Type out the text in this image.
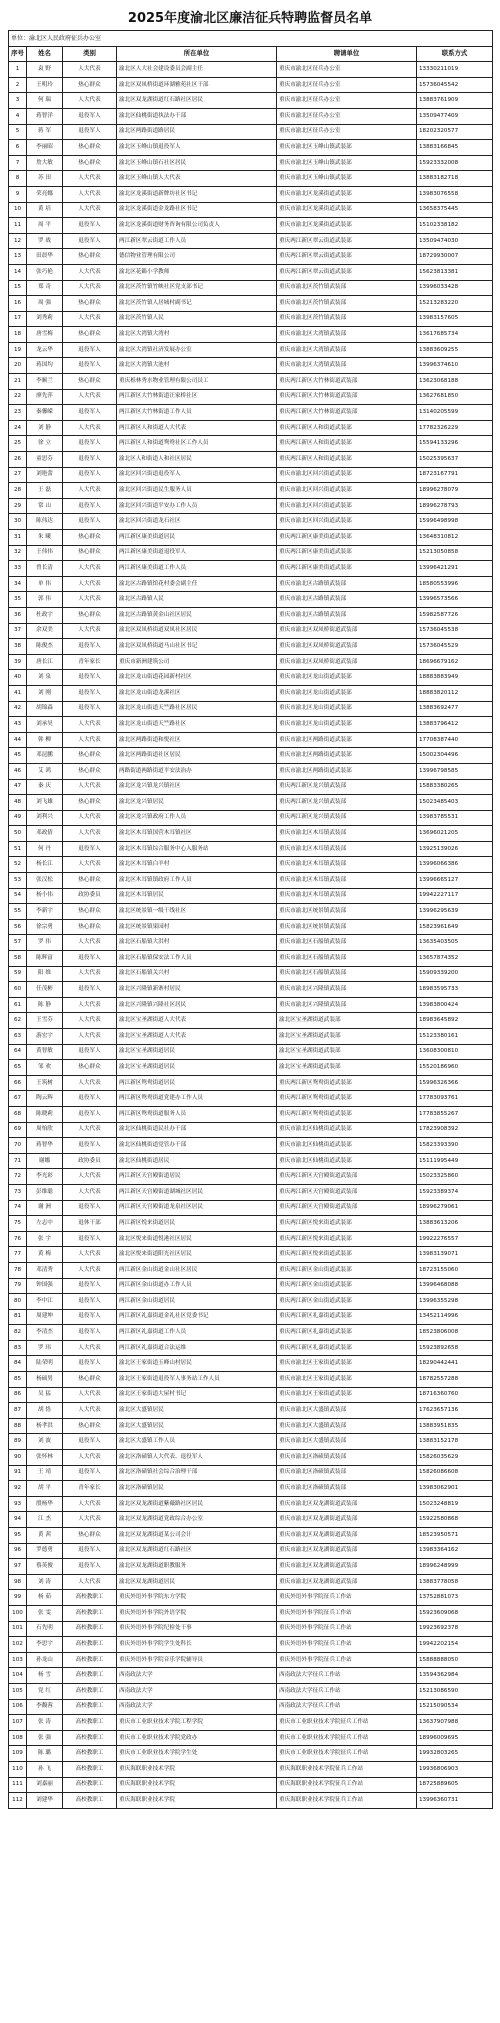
2025年度渝北区廉洁征兵特聘监督员名单
单位：渝北区人民政府征兵办公室					
序号	姓名	类别	所在单位	聘请单位	联系方式
1	袁 野	人大代表	渝北区人大社会建设委员会副主任	重庆市渝北区征兵办公室	13330211019
2	王明玲	热心群众	渝北区双凤桥街道环湖雅苑社区干部	重庆市渝北区征兵办公室	15736045542
3	何 瑞	人大代表	渝北区双龙湖街道红石路社区居民	重庆市渝北区征兵办公室	13883761909
4	蒋智洋	退役军人	渝北区仙桃街道执法办干部	重庆市渝北区征兵办公室	13509477409
5	蒋 军	退役军人	渝北区两路街道路居民	重庆市渝北区征兵办公室	18202320577
6	李丽昭	热心群众	渝北区玉峰山镇退役军人	重庆市渝北区玉峰山镇武装部	13883166845
7	詹大敏	热心群众	渝北区玉峰山镇石社区居民	重庆市渝北区玉峰山镇武装部	15923332008
8	苏 田	人大代表	渝北区玉峰山镇人大代表	重庆市渝北区玉峰山镇武装部	13883182718
9	荣亮娜	人大代表	渝北区龙溪街道新牌坊社区书记	重庆市渝北区龙溪街道武装部	13983076558
10	黄 培	人大代表	渝北区龙溪街道金龙路社区书记	重庆市渝北区龙溪街道武装部	13658375445
11	周 平	退役军人	渝北区龙溪街道财务咨询有限公司负责人	重庆市渝北区龙溪街道武装部	15102338182
12	罗 战	退役军人	两江新区翠云街道工作人员	重庆两江新区翠云街道武装部	13509474030
13	田晨华	热心群众	德信物业管理有限公司	重庆两江新区翠云街道武装部	18729930007
14	张巧艳	人大代表	渝北区花籁小学教师	重庆两江新区翠云街道武装部	15623813381
15	郑 奇	人大代表	渝北区茨竹镇竹峡社区党支部书记	重庆市渝北区茨竹镇武装部	13996033428
16	周 强	热心群众	渝北区茨竹镇人居城村副书记	重庆市渝北区茨竹镇武装部	15213283220
17	刘秀莉	人大代表	渝北区茨竹镇人民	重庆市渝北区茨竹镇武装部	13983157605
18	唐雪梅	热心群众	渝北区大湾镇大湾村	重庆市渝北区大湾镇武装部	13617685734
19	龙云华	退役军人	渝北区大湾镇社济发展办公室	重庆市渝北区大湾镇武装部	13883609255
20	蒋国均	退役军人	渝北区大湾镇大池村	重庆市渝北区大湾镇武装部	13996374610
21	李顺兰	热心群众	重庆栎林秀水物业管理有限公司员工	重庆两江新区大竹林街道武装部	13623068188
22	廖先萍	人大代表	两江新区大竹林街道汪家桥社区	重庆两江新区大竹林街道武装部	13627681850
23	秦馨嵘	退役军人	两江新区大竹林街道工作人员	重庆两江新区大竹林街道武装部	13140205599
24	刘 静	人大代表	两江新区人和街道人大代表	重庆两江新区人和街道武装部	17782326229
25	徐 立	退役军人	两江新区人和街道鸳鸯社区工作人员	重庆两江新区人和街道武装部	15594133296
26	童思芬	退役军人	渝北区人和街道人和社区居民	重庆两江新区人和街道武装部	15025395637
27	刘艳蕾	退役军人	渝北区回兴街道退役军人	重庆市渝北区回兴街道武装部	18723167791
28	王 磊	人大代表	渝北区回兴街道民生服务人员	重庆市渝北区回兴街道武装部	18996278079
29	常 山	退役军人	渝北区回兴街道平安办工作人员	重庆市渝北区回兴街道武装部	18996278793
30	陈伟达	退役军人	渝北区回兴街道龙石社区	重庆市渝北区回兴街道武装部	15996498998
31	朱 曦	热心群众	两江新区康美街道居民	重庆两江新区康美街道武装部	13648310812
32	王伟伟	热心群众	两江新区康美街道退役军人	重庆两江新区康美街道武装部	15213050858
33	曾长清	人大代表	两江新区康美街道工作人员	重庆两江新区康美街道武装部	13996421291
34	单 伟	人大代表	渝北区古路镇馆花村委会副主任	重庆市渝北区古路镇武装部	18580553996
35	郭 伟	人大代表	渝北区古路镇人民	重庆市渝北区古路镇武装部	13996573566
36	杜政宇	热心群众	渝北区古路镇黄金山社区居民	重庆市渝北区古路镇武装部	15982587726
37	余双美	人大代表	渝北区双凤桥街道双凤社区居民	重庆市渝北区双凤桥街道武装部	15736045538
38	陈俊杰	退役军人	渝北区双凤桥街道马山社区书记	重庆市渝北区双凤桥街道武装部	15736045529
39	唐长江	青年家长	重庆市新洲建筑公司	重庆市渝北区双凤桥街道武装部	18696679162
40	刘 泉	退役军人	渝北区龙山街道花园新村社区	重庆市渝北区龙山街道武装部	18883883949
41	刘 刚	退役军人	渝北区龙山街道龙溪社区	重庆市渝北区龙山街道武装部	18883820112
42	胡锦森	退役军人	渝北区龙山街道天竺路社区居民	重庆市渝北区龙山街道武装部	13883692477
43	刘承昊	人大代表	渝北区龙山街道天竺路社区	重庆市渝北区龙山街道武装部	13883796412
44	韩 柳	人大代表	渝北区两路街道和悦社区	重庆市渝北区两路街道武装部	17708387440
45	邓昆鹏	热心群众	渝北区两路街道社区居民	重庆市渝北区两路街道武装部	15002304496
46	艾 鸿	热心群众	两路街道两路街道平安法治办	重庆市渝北区两路街道武装部	13996798585
47	秦 庆	人大代表	渝北区龙兴镇龙兴镇社区	重庆两江新区龙兴镇武装部	15883380265
48	刘飞雄	热心群众	渝北区龙兴镇居民	重庆两江新区龙兴镇武装部	15023485403
49	刘利兴	人大代表	渝北区龙兴镇政府工作人员	重庆两江新区龙兴镇武装部	13983785531
50	邓政倩	人大代表	渝北区木耳镇国营木耳镇社区	重庆市渝北区木耳镇武装部	13696021205
51	何 丹	退役军人	渝北区木耳镇综合服务中心入服务站	重庆市渝北区木耳镇武装部	13925139026
52	杨长江	人大代表	渝北区木耳镇白羊村	重庆市渝北区木耳镇武装部	13996066386
53	张汉松	热心群众	渝北区木耳镇镇政府工作人员	重庆市渝北区木耳镇武装部	13996665127
54	杨小伟	政协委员	渝北区木耳镇居民	重庆市渝北区木耳镇武装部	19942227117
55	李新宇	热心群众	渝北区统景镇一级干线社区	重庆市渝北区统景镇武装部	13996295639
56	徐宗勇	热心群众	渝北区统景镇果园村	重庆市渝北区统景镇武装部	15823961649
57	罗 伟	人大代表	渝北区石船镇大洪村	重庆市渝北区石船镇武装部	13635403505
58	陈辉富	退役军人	渝北区石船镇保安法工作人员	重庆市渝北区石船镇武装部	13657874352
59	阳 维	人大代表	渝北区石船镇关兴村	重庆市渝北区石船镇武装部	15909339200
60	任茂彬	退役军人	渝北区兴隆镇新寨村居民	重庆市渝北区兴隆镇武装部	18983595733
61	陈 静	人大代表	渝北区兴隆镇兴隆社区居民	重庆市渝北区兴隆镇武装部	13983800424
62	王雪芬	人大代表	渝北区宝圣湖街道人大代表	渝北区宝圣湖街道武装部	18983645892
63	游宏宇	人大代表	渝北区宝圣湖街道人大代表	渝北区宝圣湖街道武装部	15123380161
64	黄智敏	退役军人	渝北区宝圣湖街道居民	渝北区宝圣湖街道武装部	13608300810
65	邹 欢	热心群众	渝北区宝圣湖街道居民	渝北区宝圣湖街道武装部	15520186960
66	王筑树	人大代表	两江新区鸳鸯街道居民	重庆两江新区鸳鸯街道武装部	15996326366
67	陶云辉	退役军人	两江新区鸳鸯街道党建办工作人员	重庆两江新区鸳鸯街道武装部	17783093761
68	陈晓莉	退役军人	两江新区鸳鸯街道服务人员	重庆两江新区鸳鸯街道武装部	17783855267
69	周怡欣	人大代表	渝北区仙桃街道民社办干部	重庆市渝北区仙桃街道武装部	17823908392
70	蒋智华	退役军人	渝北区仙桃街道党管办干部	重庆市渝北区仙桃街道武装部	15823393390
71	谢娜	政协委员	渝北区仙桃街道居民	重庆市渝北区仙桃街道武装部	15111995449
72	李光彩	人大代表	两江新区天宫殿街道居民	重庆两江新区天宫殿街道武装部	15023325860
73	彭维聪	人大代表	两江新区天宫殿街道湖城社区居民	重庆两江新区天宫殿街道武装部	15923389374
74	谢 洲	退役军人	两江新区天宫殿街道龙泉社区居民	重庆两江新区天宫殿街道武装部	18996279061
75	左志中	退休干部	两江新区悦来街道居民	重庆两江新区悦来街道武装部	13883613206
76	张 宇	退役军人	渝北区悦来街道悦港社区居民	重庆两江新区悦来街道武装部	19922276557
77	黄 梅	人大代表	渝北区悦来街道阳光社区居民	重庆两江新区悦来街道武装部	13983139071
78	邓清秀	人大代表	两江新区金山街道金山社区居民	重庆两江新区金山街道武装部	18723155060
79	钟国强	退役军人	两江新区金山街道办工作人员	重庆两江新区金山街道武装部	13996468088
80	李中江	退役军人	两江新区金山街道居民	重庆两江新区金山街道武装部	13996355298
81	周建坤	退役军人	两江新区礼嘉街道金礼社区党委书记	重庆两江新区礼嘉街道武装部	13452114996
82	李清杰	退役军人	两江新区礼嘉街道工作人员	重庆两江新区礼嘉街道武装部	18523806008
83	罗 玮	人大代表	两江新区礼嘉街道合法运维	重庆两江新区礼嘉街道武装部	15923892658
84	陆荣明	退役军人	渝北区王家街道玉峰山村居民	重庆市渝北区王家街道武装部	18290442441
85	杨硕男	热心群众	渝北区王家街道退役军人事务站工作人员	重庆市渝北区王家街道武装部	18782557288
86	吴 猛	人大代表	渝北区王家街道大屋村书记	重庆市渝北区王家街道武装部	18716360760
87	胡 恪	人大代表	渝北区大盛镇居民	重庆市渝北区大盛镇武装部	17623657136
88	杨孝洪	热心群众	渝北区大盛镇居民	重庆市渝北区大盛镇武装部	13883951835
89	刘 波	退役军人	渝北区大盛镇工作人员	重庆市渝北区大盛镇武装部	13883152178
90	张怀林	人大代表	渝北区洛碛镇人大代表、退役军人	重庆市渝北区洛碛镇武装部	15826035629
91	王 靖	退役军人	渝北区洛碛镇社会综合治理干部	重庆市渝北区洛碛镇武装部	15826086608
92	胡 平	青年家长	渝北区洛碛镇居民	重庆市渝北区洛碛镇武装部	13983062901
93	殷杨华	人大代表	渝北区双龙湖街道紫薇路社区居民	重庆市渝北区双龙湖街道武装部	15023248819
94	江 杰	人大代表	渝北区双龙湖街道党政综合办公室	重庆市渝北区双龙湖街道武装部	15922580868
95	黄 茜	热心群众	渝北区双龙湖街道某公司会计	重庆市渝北区双龙湖街道武装部	18523950571
96	罗德勇	退役军人	渝北区双龙湖街道红石路社区	重庆市渝北区双龙湖街道武装部	13983364162
97	蔡英俊	退役军人	渝北区双龙湖街道职教服务	重庆市渝北区双龙湖街道武装部	18996248999
98	刘 涛	人大代表	渝北区双龙湖街道居民	重庆市渝北区双龙湖街道武装部	13883778058
99	杨 茹	高校教职工	重庆外语外事学院东方学院	重庆外语外事学院征兵工作站	13752881073
100	张 雯	高校教职工	重庆外语外事学院外语学院	重庆外语外事学院征兵工作站	15923609068
101	石先明	高校教职工	重庆外语外事学院纪检处干事	重庆外语外事学院征兵工作站	19923692378
102	李思宇	高校教职工	重庆外语外事学院学生处科长	重庆外语外事学院征兵工作站	19942202154
103	孙龙山	高校教职工	重庆外语外事学院音乐学院辅导员	重庆外语外事学院征兵工作站	15888888050
104	杨 雪	高校教职工	西南政法大学	西南政法大学征兵工作站	13594362984
105	党 红	高校教职工	西南政法大学	西南政法大学征兵工作站	15213086590
106	李馥蓉	高校教职工	西南政法大学	西南政法大学征兵工作站	15215090534
107	张 涛	高校教职工	重庆市工业职业技术学院工程学院	重庆市工业职业技术学院征兵工作站	13637907988
108	张 强	高校教职工	重庆市工业职业技术学院党政办	重庆市工业职业技术学院征兵工作站	18996009695
109	陈 璐	高校教职工	重庆市工业职业技术学院学生处	重庆市工业职业技术学院征兵工作站	19932803265
110	孙 飞	高校教职工	重庆海联职业技术学院	重庆海联职业技术学院征兵工作站	19936806903
111	刘嘉丽	高校教职工	重庆海联职业技术学院	重庆海联职业技术学院征兵工作站	18725889605
112	刘建华	高校教职工	重庆海联职业技术学院	重庆海联职业技术学院征兵工作站	13996360731
